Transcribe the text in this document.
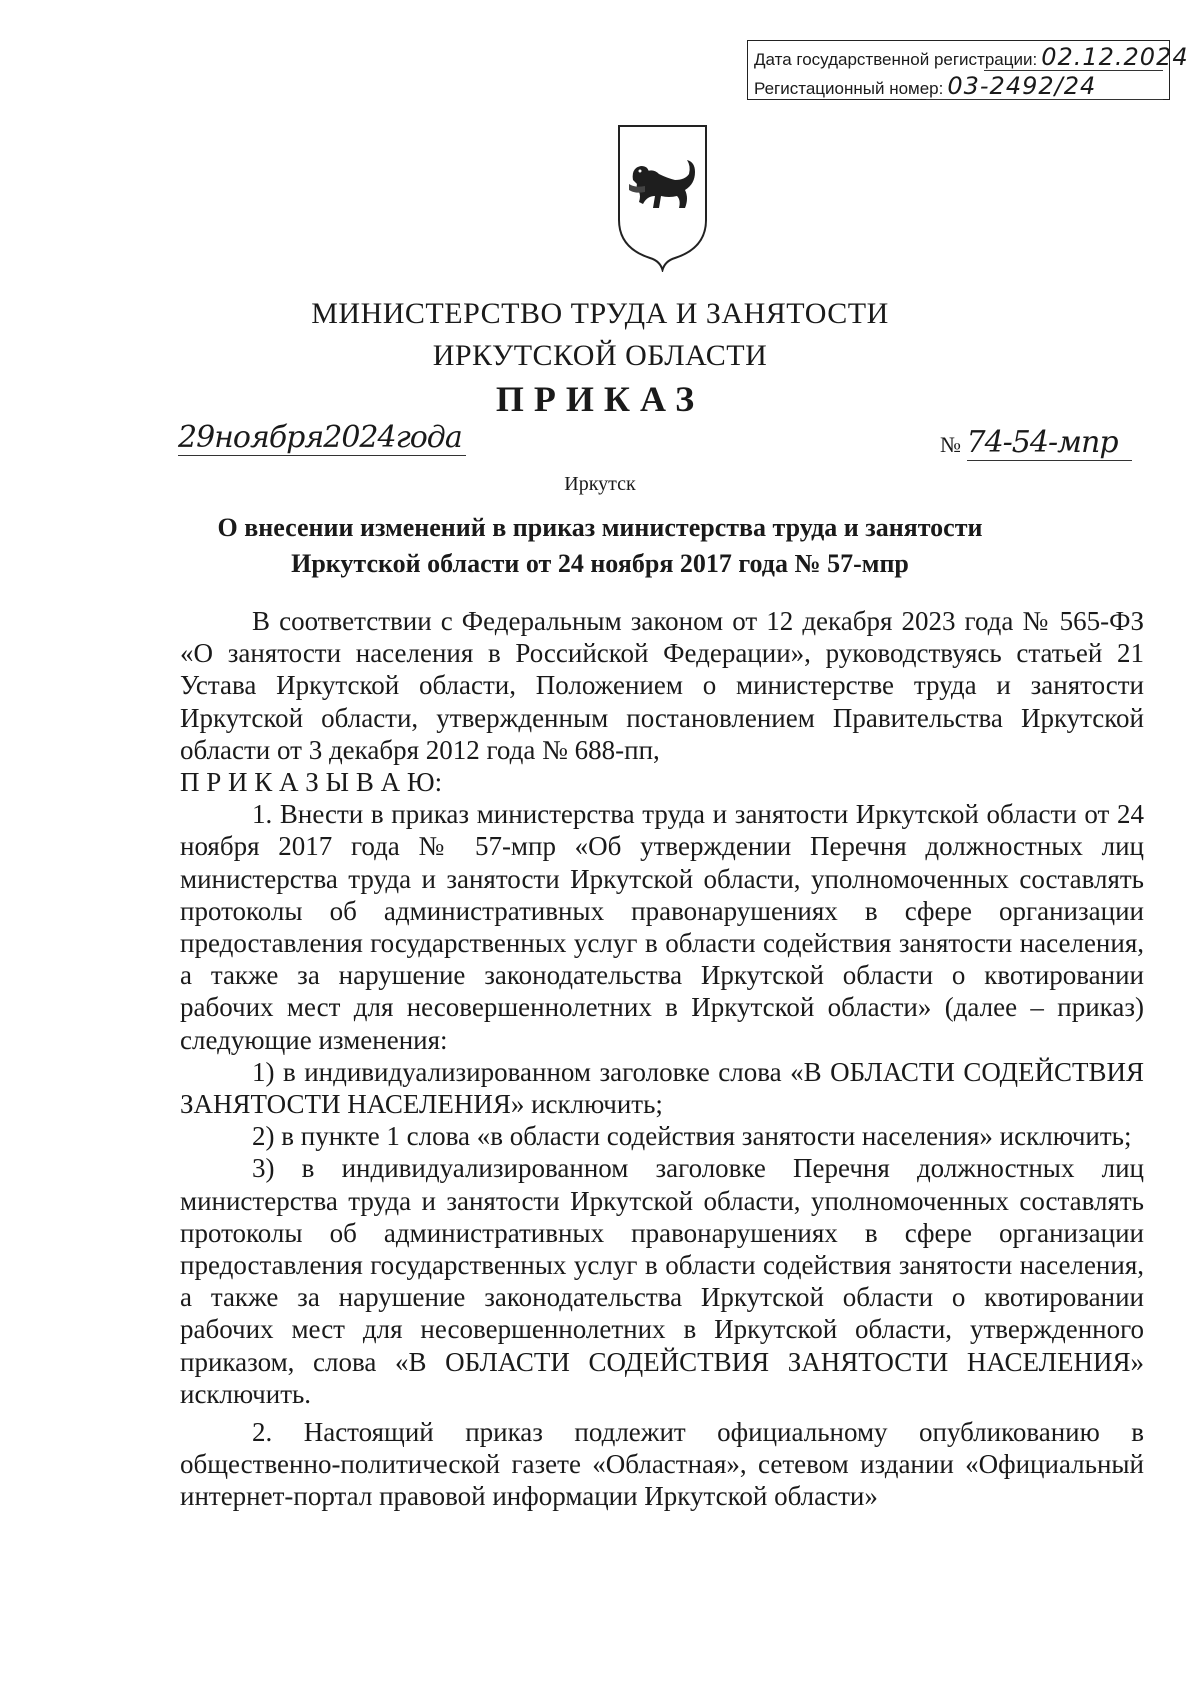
Дата государственной регистрации: 02.12.2024
Регистационный номер: 03-2492/24
МИНИСТЕРСТВО ТРУДА И ЗАНЯТОСТИ
ИРКУТСКОЙ ОБЛАСТИ
ПРИКАЗ
29ноября2024года	№ 74-54-мпр
Иркутск
О внесении изменений в приказ министерства труда и занятости
Иркутской области от 24 ноября 2017 года № 57-мпр

В соответствии с Федеральным законом от 12 декабря 2023 года № 565-ФЗ «О занятости населения в Российской Федерации», руководствуясь статьей 21 Устава Иркутской области, Положением о министерстве труда и занятости Иркутской области, утвержденным постановлением Правительства Иркутской области от 3 декабря 2012 года № 688-пп,

П Р И К А З Ы В А Ю:

1. Внести в приказ министерства труда и занятости Иркутской области от 24 ноября 2017 года № 57-мпр «Об утверждении Перечня должностных лиц министерства труда и занятости Иркутской области, уполномоченных составлять протоколы об административных правонарушениях в сфере организации предоставления государственных услуг в области содействия занятости населения, а также за нарушение законодательства Иркутской области о квотировании рабочих мест для несовершеннолетних в Иркутской области» (далее – приказ) следующие изменения:

1) в индивидуализированном заголовке слова «В ОБЛАСТИ СОДЕЙСТВИЯ ЗАНЯТОСТИ НАСЕЛЕНИЯ» исключить;

2) в пункте 1 слова «в области содействия занятости населения» исключить;

3) в индивидуализированном заголовке Перечня должностных лиц министерства труда и занятости Иркутской области, уполномоченных составлять протоколы об административных правонарушениях в сфере организации предоставления государственных услуг в области содействия занятости населения, а также за нарушение законодательства Иркутской области о квотировании рабочих мест для несовершеннолетних в Иркутской области, утвержденного приказом, слова «В ОБЛАСТИ СОДЕЙСТВИЯ ЗАНЯТОСТИ НАСЕЛЕНИЯ» исключить.

2. Настоящий приказ подлежит официальному опубликованию в общественно-политической газете «Областная», сетевом издании «Официальный интернет-портал правовой информации Иркутской области»
